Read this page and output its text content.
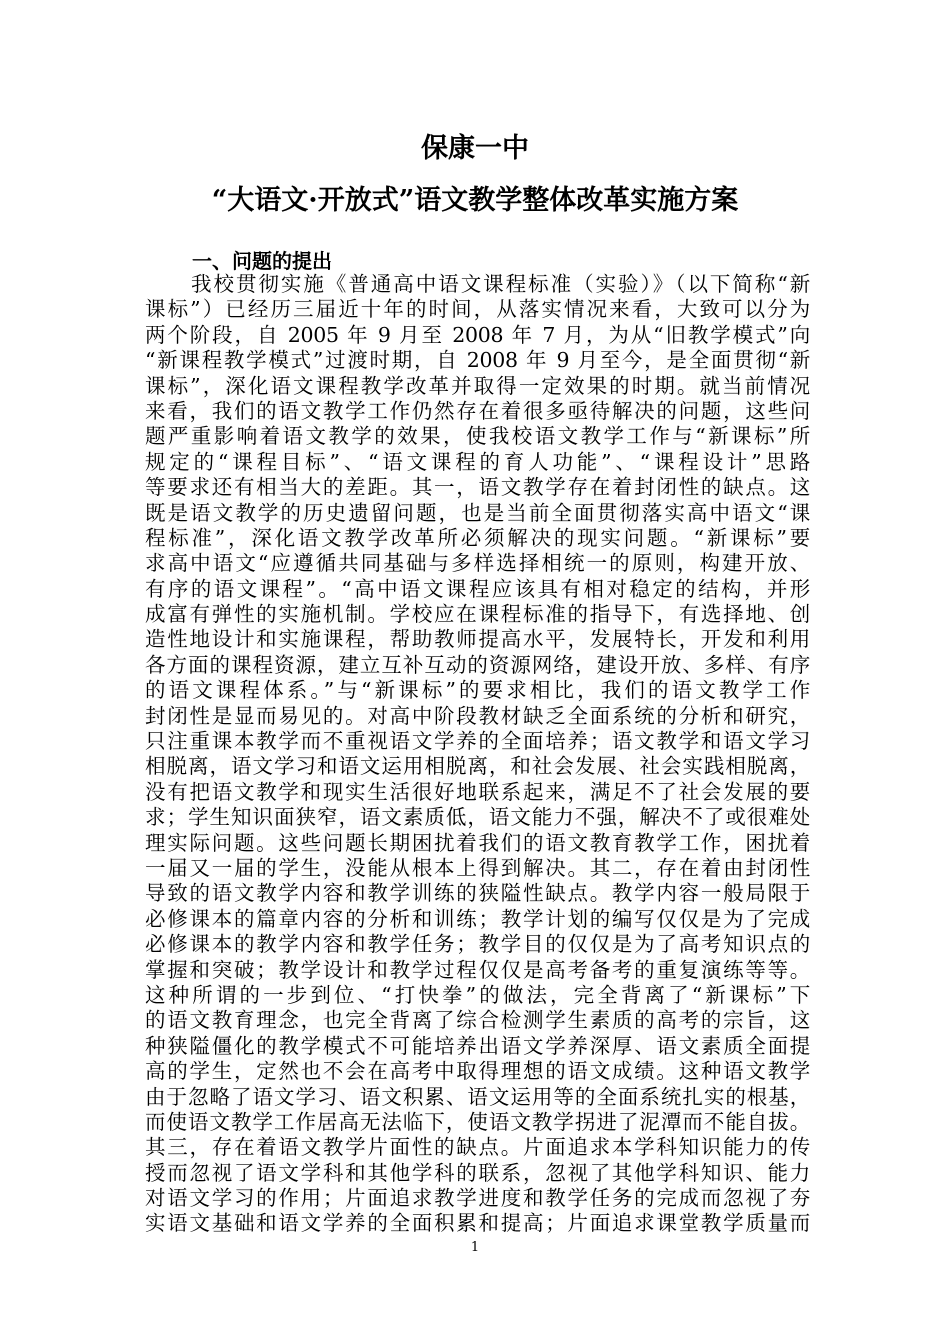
保康一中
“大语文·开放式”语文教学整体改革实施方案
一、问题的提出
我校贯彻实施《普通高中语文课程标准（实验）》（以下简称“新
课标”）已经历三届近十年的时间，从落实情况来看，大致可以分为
两个阶段，自 2005 年 9 月至 2008 年 7 月，为从“旧教学模式”向
“新课程教学模式”过渡时期，自 2008 年 9 月至今，是全面贯彻“新
课标”，深化语文课程教学改革并取得一定效果的时期。就当前情况
来看，我们的语文教学工作仍然存在着很多亟待解决的问题，这些问
题严重影响着语文教学的效果，使我校语文教学工作与“新课标”所
规定的“课程目标”、“语文课程的育人功能”、“课程设计”思路
等要求还有相当大的差距。其一，语文教学存在着封闭性的缺点。这
既是语文教学的历史遗留问题，也是当前全面贯彻落实高中语文“课
程标准”，深化语文教学改革所必须解决的现实问题。“新课标”要
求高中语文“应遵循共同基础与多样选择相统一的原则，构建开放、
有序的语文课程”。“高中语文课程应该具有相对稳定的结构，并形
成富有弹性的实施机制。学校应在课程标准的指导下，有选择地、创
造性地设计和实施课程，帮助教师提高水平，发展特长，开发和利用
各方面的课程资源，建立互补互动的资源网络，建设开放、多样、有序
的语文课程体系。”与“新课标”的要求相比，我们的语文教学工作
封闭性是显而易见的。对高中阶段教材缺乏全面系统的分析和研究，
只注重课本教学而不重视语文学养的全面培养；语文教学和语文学习
相脱离，语文学习和语文运用相脱离，和社会发展、社会实践相脱离，
没有把语文教学和现实生活很好地联系起来，满足不了社会发展的要
求；学生知识面狭窄，语文素质低，语文能力不强，解决不了或很难处
理实际问题。这些问题长期困扰着我们的语文教育教学工作，困扰着
一届又一届的学生，没能从根本上得到解决。其二，存在着由封闭性
导致的语文教学内容和教学训练的狭隘性缺点。教学内容一般局限于
必修课本的篇章内容的分析和训练；教学计划的编写仅仅是为了完成
必修课本的教学内容和教学任务；教学目的仅仅是为了高考知识点的
掌握和突破；教学设计和教学过程仅仅是高考备考的重复演练等等。
这种所谓的一步到位、“打快拳”的做法，完全背离了“新课标”下
的语文教育理念，也完全背离了综合检测学生素质的高考的宗旨，这
种狭隘僵化的教学模式不可能培养出语文学养深厚、语文素质全面提
高的学生，定然也不会在高考中取得理想的语文成绩。这种语文教学
由于忽略了语文学习、语文积累、语文运用等的全面系统扎实的根基，
而使语文教学工作居高无法临下，使语文教学拐进了泥潭而不能自拔。
其三，存在着语文教学片面性的缺点。片面追求本学科知识能力的传
授而忽视了语文学科和其他学科的联系，忽视了其他学科知识、能力
对语文学习的作用；片面追求教学进度和教学任务的完成而忽视了夯
实语文基础和语文学养的全面积累和提高；片面追求课堂教学质量而
1
